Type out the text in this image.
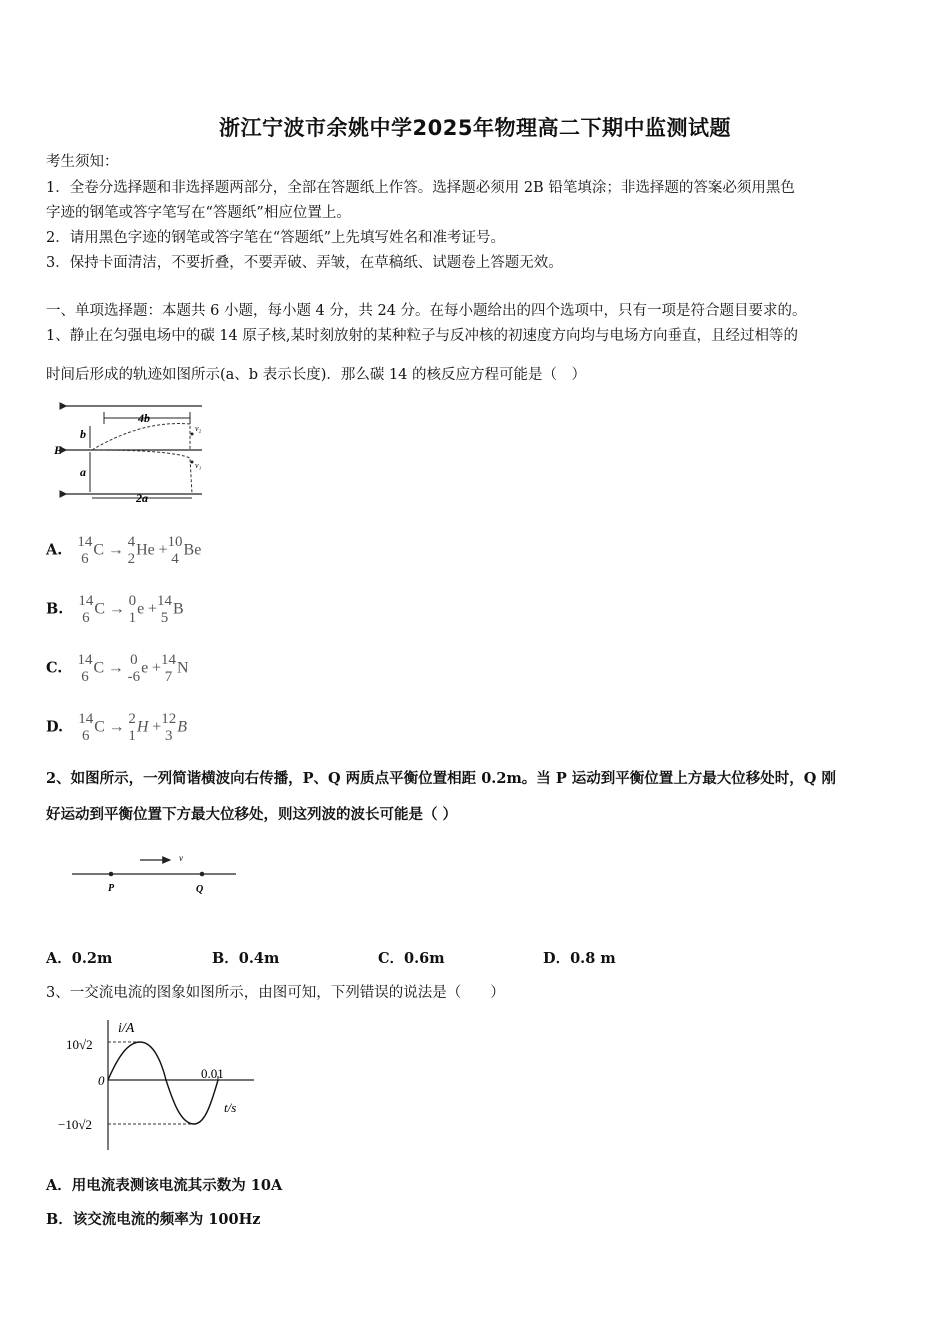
浙江宁波市余姚中学2025年物理高二下期中监测试题
考生须知：
1．全卷分选择题和非选择题两部分，全部在答题纸上作答。选择题必须用 2B 铅笔填涂；非选择题的答案必须用黑色
字迹的钢笔或答字笔写在“答题纸”相应位置上。
2．请用黑色字迹的钢笔或答字笔在“答题纸”上先填写姓名和准考证号。
3．保持卡面清洁，不要折叠，不要弄破、弄皱，在草稿纸、试题卷上答题无效。
一、单项选择题：本题共 6 小题，每小题 4 分，共 24 分。在每小题给出的四个选项中，只有一项是符合题目要求的。
1、静止在匀强电场中的碳 14 原子核,某时刻放射的某种粒子与反冲核的初速度方向均与电场方向垂直，且经过相等的
时间后形成的轨迹如图所示(a、b 表示长度)．那么碳 14 的核反应方程可能是（　）
4b
b
E
a
2a
v₂
v₁
A. 14
6 C → 4
2 He + 10
4 Be
B. 14
6 C → 0
1 e + 14
5 B
C. 14
6 C → 0
-6 e + 14
7 N
D. 14
6 C → 2
1 H + 12
3 B
2、如图所示，一列简谐横波向右传播，P、Q 两质点平衡位置相距 0.2m。当 P 运动到平衡位置上方最大位移处时，Q 刚
好运动到平衡位置下方最大位移处，则这列波的波长可能是（ ）
v
P	Q
A．0.2m	B．0.4m	C．0.6m	D．0.8 m
3、一交流电流的图象如图所示，由图可知，下列错误的说法是（　　）
i/A
t/s
10√2
−10√2
0	0.01
A．用电流表测该电流其示数为 10A
B．该交流电流的频率为 100Hz
